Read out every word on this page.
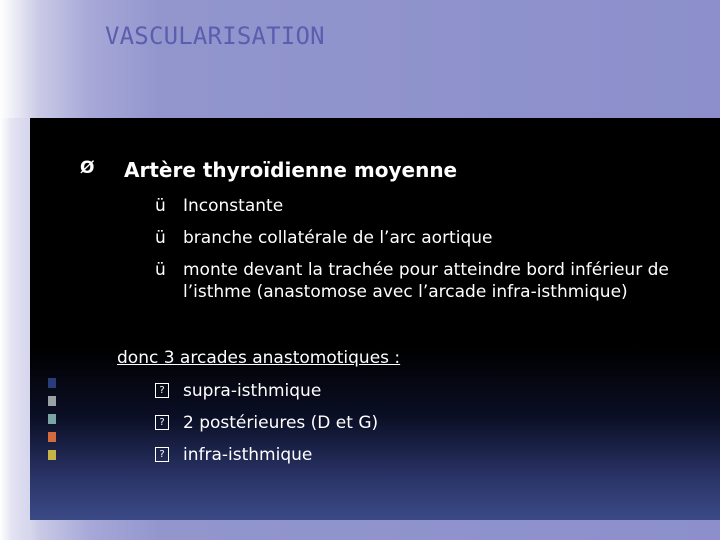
VASCULARISATION
Ø Artère thyroïdienne moyenne
ü Inconstante
ü branche collatérale de l’arc aortique
ü monte devant la trachée pour atteindre bord inférieur de l’isthme (anastomose avec l’arcade infra-isthmique)
donc 3 arcades anastomotiques :
? supra-isthmique
? 2 postérieures (D et G)
? infra-isthmique
